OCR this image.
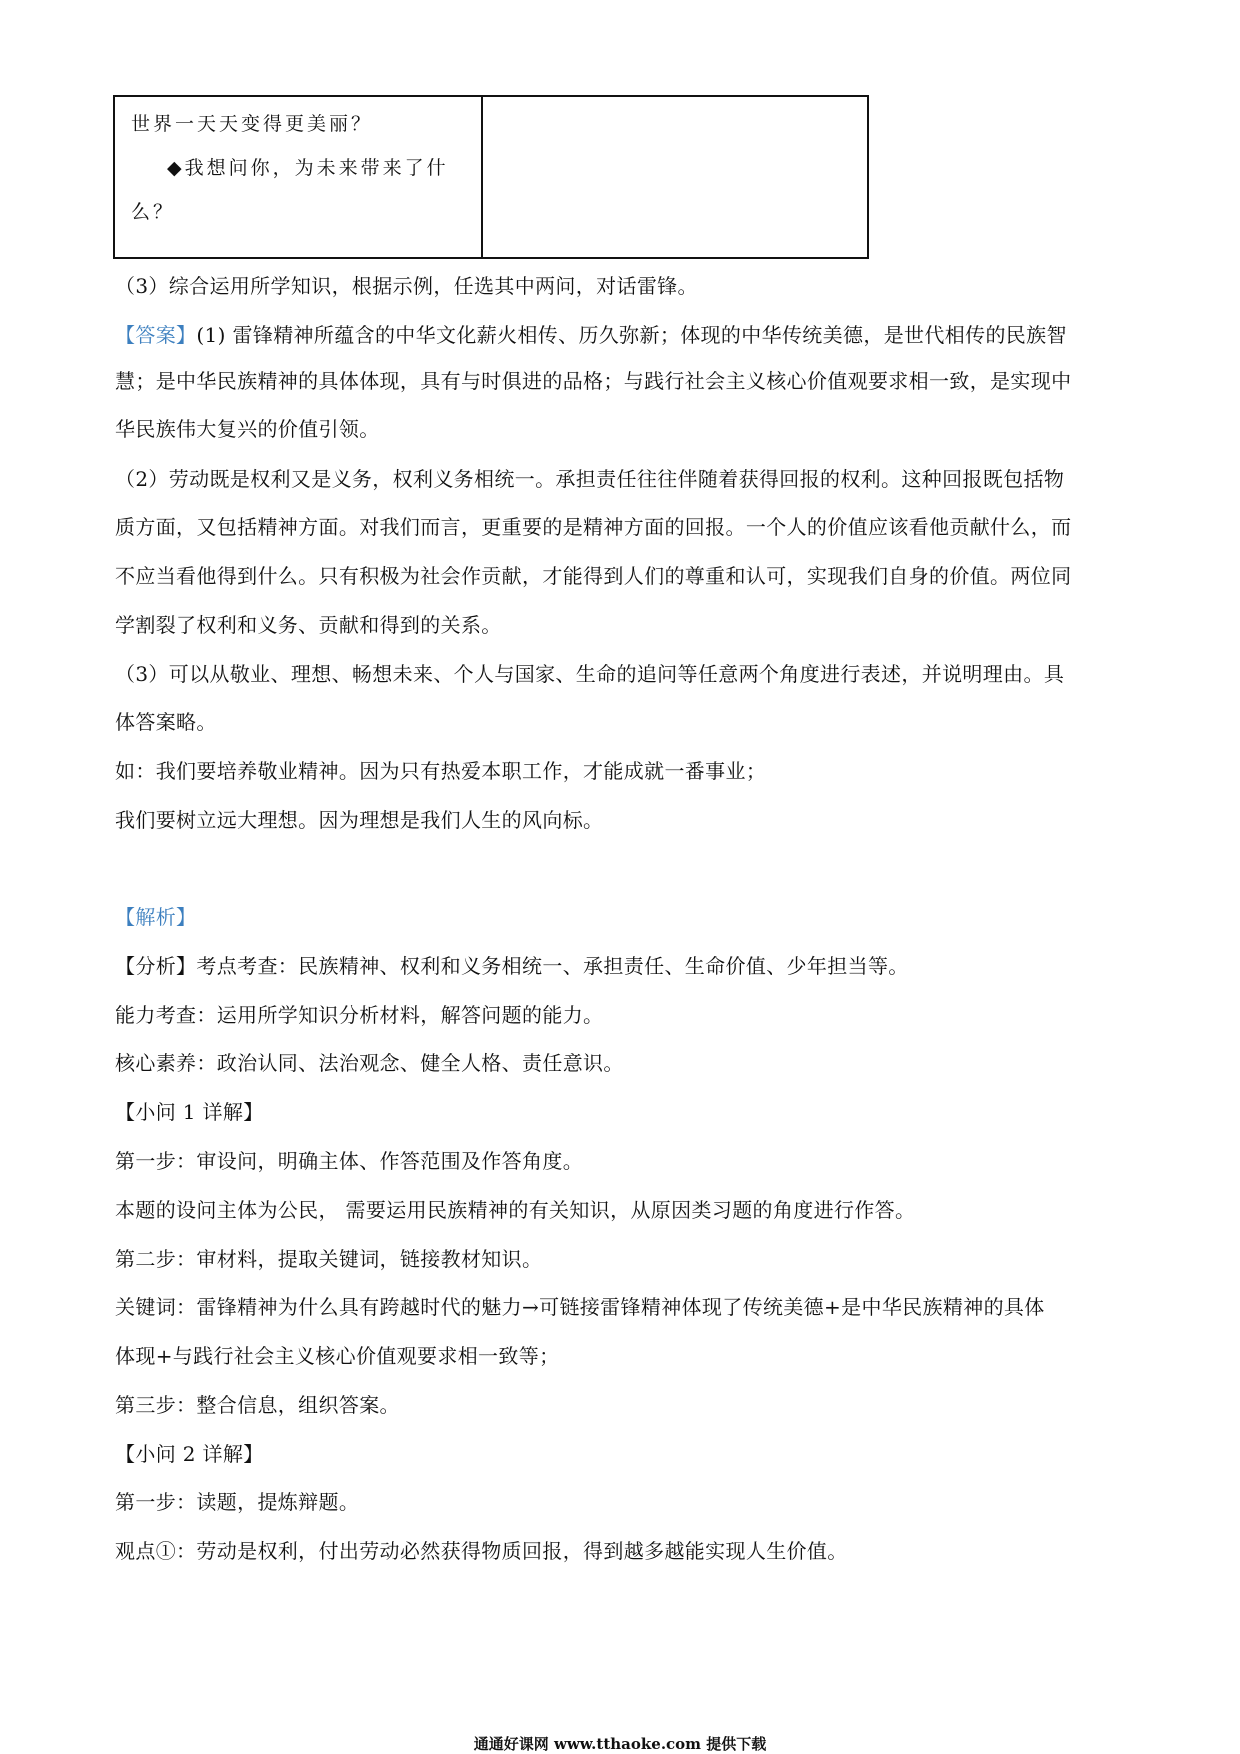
世界一天天变得更美丽？
◆我想问你，为未来带来了什
么？

（3）综合运用所学知识，根据示例，任选其中两问，对话雷锋。
【答案】(1) 雷锋精神所蕴含的中华文化薪火相传、历久弥新；体现的中华传统美德，是世代相传的民族智
慧；是中华民族精神的具体体现，具有与时俱进的品格；与践行社会主义核心价值观要求相一致，是实现中
华民族伟大复兴的价值引领。
（2）劳动既是权利又是义务，权利义务相统一。承担责任往往伴随着获得回报的权利。这种回报既包括物
质方面，又包括精神方面。对我们而言，更重要的是精神方面的回报。一个人的价值应该看他贡献什么，而
不应当看他得到什么。只有积极为社会作贡献，才能得到人们的尊重和认可，实现我们自身的价值。两位同
学割裂了权利和义务、贡献和得到的关系。
（3）可以从敬业、理想、畅想未来、个人与国家、生命的追问等任意两个角度进行表述，并说明理由。具
体答案略。
如：我们要培养敬业精神。因为只有热爱本职工作，才能成就一番事业；
我们要树立远大理想。因为理想是我们人生的风向标。
【解析】
【分析】考点考查：民族精神、权利和义务相统一、承担责任、生命价值、少年担当等。
能力考查：运用所学知识分析材料，解答问题的能力。
核心素养：政治认同、法治观念、健全人格、责任意识。
【小问 1 详解】
第一步：审设问，明确主体、作答范围及作答角度。
本题的设问主体为公民， 需要运用民族精神的有关知识，从原因类习题的角度进行作答。
第二步：审材料，提取关键词，链接教材知识。
关键词：雷锋精神为什么具有跨越时代的魅力→可链接雷锋精神体现了传统美德+是中华民族精神的具体
体现+与践行社会主义核心价值观要求相一致等；
第三步：整合信息，组织答案。
【小问 2 详解】
第一步：读题，提炼辩题。
观点①：劳动是权利，付出劳动必然获得物质回报，得到越多越能实现人生价值。
通通好课网 www.tthaoke.com 提供下载
